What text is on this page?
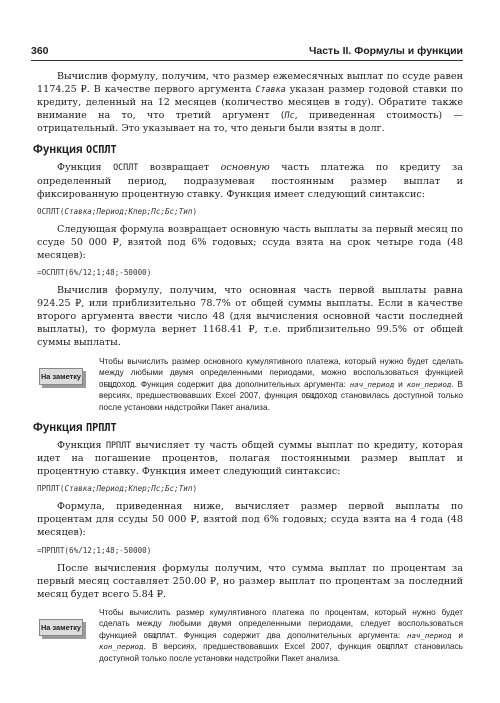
360	Часть II. Формулы и функции

Вычислив формулу, получим, что размер ежемесячных выплат по ссуде равен 1174.25 ₽. В качестве первого аргумента Ставка указан размер годовой ставки по кредиту, деленный на 12 месяцев (количество месяцев в году). Обратите также внимание на то, что третий аргумент (Пс, приведенная стоимость) — отрицательный. Это указывает на то, что деньги были взяты в долг.

Функция ОСПЛТ

Функция ОСПЛТ возвращает основную часть платежа по кредиту за определенный период, подразумевая постоянным размер выплат и фиксированную процентную ставку. Функция имеет следующий синтаксис:

ОСПЛТ(Ставка;Период;Кпер;Пс;Бс;Тип)

Следующая формула возвращает основную часть выплаты за первый месяц по ссуде 50 000 ₽, взятой под 6% годовых; ссуда взята на срок четыре года (48 месяцев):

=ОСПЛТ(6%/12;1;48;-50000)

Вычислив формулу, получим, что основная часть первой выплаты равна 924.25 ₽, или приблизительно 78.7% от общей суммы выплаты. Если в качестве второго аргумента ввести число 48 (для вычисления основной части последней выплаты), то формула вернет 1168.41 ₽, т.е. приблизительно 99.5% от общей суммы выплаты.

На заметку
Чтобы вычислить размер основного кумулятивного платежа, который нужно будет сделать между любыми двумя определенными периодами, можно воспользоваться функцией ОБЩДОХОД. Функция содержит два дополнительных аргумента: нач_период и кон_период. В версиях, предшествовавших Excel 2007, функция ОБЩДОХОД становилась доступной только после установки надстройки Пакет анализа.
Функция ПРПЛТ

Функция ПРПЛТ вычисляет ту часть общей суммы выплат по кредиту, которая идет на погашение процентов, полагая постоянными размер выплат и процентную ставку. Функция имеет следующий синтаксис:

ПРПЛТ(Ставка;Период;Кпер;Пс;Бс;Тип)

Формула, приведенная ниже, вычисляет размер первой выплаты по процентам для ссуды 50 000 ₽, взятой под 6% годовых; ссуда взята на 4 года (48 месяцев):

=ПРПЛТ(6%/12;1;48;-50000)

После вычисления формулы получим, что сумма выплат по процентам за первый месяц составляет 250.00 ₽, но размер выплат по процентам за последний месяц будет всего 5.84 ₽.

На заметку
Чтобы вычислить размер кумулятивного платежа по процентам, который нужно будет сделать между любыми двумя определенными периодами, следует воспользоваться функцией ОБЩПЛАТ. Функция содержит два дополнительных аргумента: нач_период и кон_период. В версиях, предшествовавших Excel 2007, функция ОБЩПЛАТ становилась доступной только после установки надстройки Пакет анализа.
